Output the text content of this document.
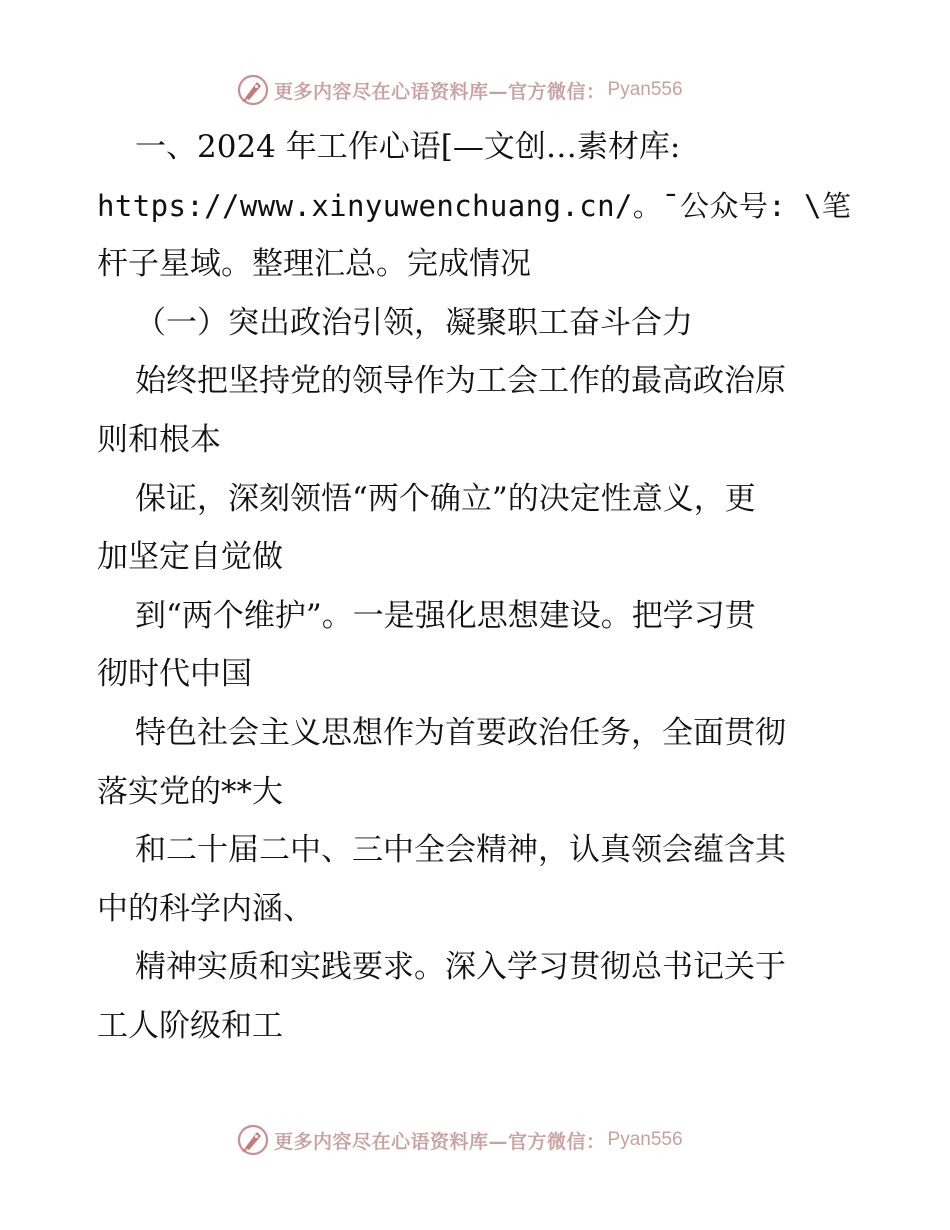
更多内容尽在心语资料库—官方微信： Pyan556
一、2024 年工作心语[—文创…素材库:
https://www.xinyuwenchuang.cn/。¯公众号: \笔
杆子星域。整理汇总。完成情况
（一）突出政治引领，凝聚职工奋斗合力
始终把坚持党的领导作为工会工作的最高政治原
则和根本
保证，深刻领悟“两个确立”的决定性意义，更
加坚定自觉做
到“两个维护”。一是强化思想建设。把学习贯
彻时代中国
特色社会主义思想作为首要政治任务，全面贯彻
落实党的**大
和二十届二中、三中全会精神，认真领会蕴含其
中的科学内涵、
精神实质和实践要求。深入学习贯彻总书记关于
工人阶级和工
更多内容尽在心语资料库—官方微信： Pyan556
